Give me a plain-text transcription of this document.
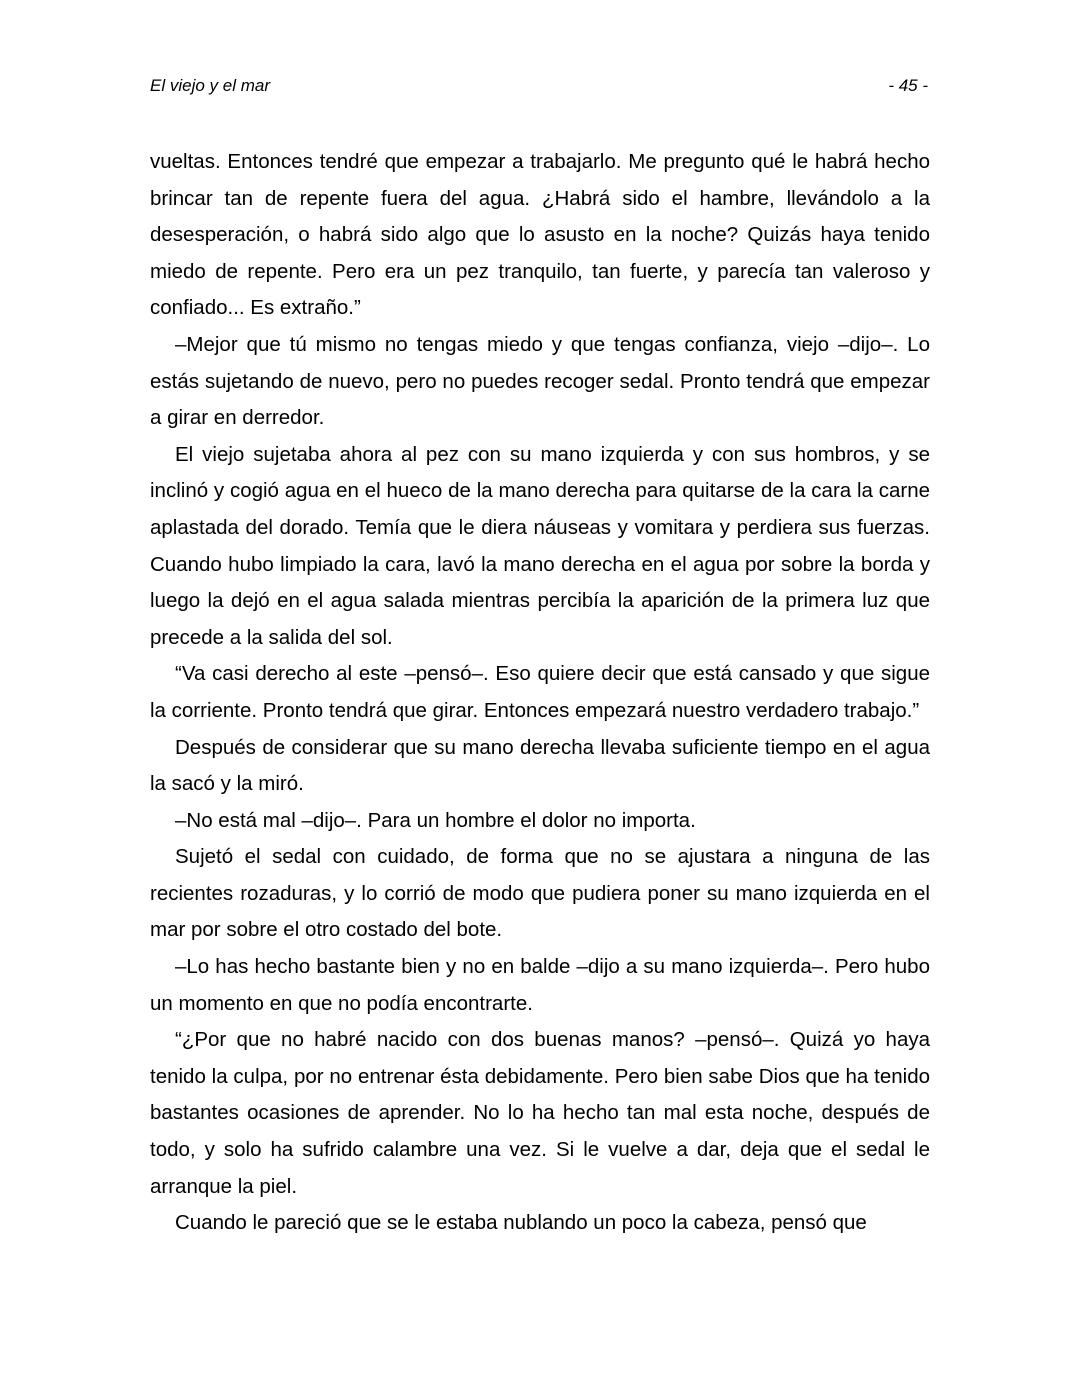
El viejo y el mar	- 45 -

vueltas. Entonces tendré que empezar a trabajarlo. Me pregunto qué le habrá hecho brincar tan de repente fuera del agua. ¿Habrá sido el hambre, llevándolo a la desesperación, o habrá sido algo que lo asusto en la noche? Quizás haya tenido miedo de repente. Pero era un pez tranquilo, tan fuerte, y parecía tan valeroso y confiado... Es extraño.”

–Mejor que tú mismo no tengas miedo y que tengas confianza, viejo –dijo–. Lo estás sujetando de nuevo, pero no puedes recoger sedal. Pronto tendrá que empezar a girar en derredor.

El viejo sujetaba ahora al pez con su mano izquierda y con sus hombros, y se inclinó y cogió agua en el hueco de la mano derecha para quitarse de la cara la carne aplastada del dorado. Temía que le diera náuseas y vomitara y perdiera sus fuerzas. Cuando hubo limpiado la cara, lavó la mano derecha en el agua por sobre la borda y luego la dejó en el agua salada mientras percibía la aparición de la primera luz que precede a la salida del sol.

“Va casi derecho al este –pensó–. Eso quiere decir que está cansado y que sigue la corriente. Pronto tendrá que girar. Entonces empezará nuestro verdadero trabajo.”

Después de considerar que su mano derecha llevaba suficiente tiempo en el agua la sacó y la miró.

–No está mal –dijo–. Para un hombre el dolor no importa.

Sujetó el sedal con cuidado, de forma que no se ajustara a ninguna de las recientes rozaduras, y lo corrió de modo que pudiera poner su mano izquierda en el mar por sobre el otro costado del bote.

–Lo has hecho bastante bien y no en balde –dijo a su mano izquierda–. Pero hubo un momento en que no podía encontrarte.

“¿Por que no habré nacido con dos buenas manos? –pensó–. Quizá yo haya tenido la culpa, por no entrenar ésta debidamente. Pero bien sabe Dios que ha tenido bastantes ocasiones de aprender. No lo ha hecho tan mal esta noche, después de todo, y solo ha sufrido calambre una vez. Si le vuelve a dar, deja que el sedal le arranque la piel.

Cuando le pareció que se le estaba nublando un poco la cabeza, pensó que
